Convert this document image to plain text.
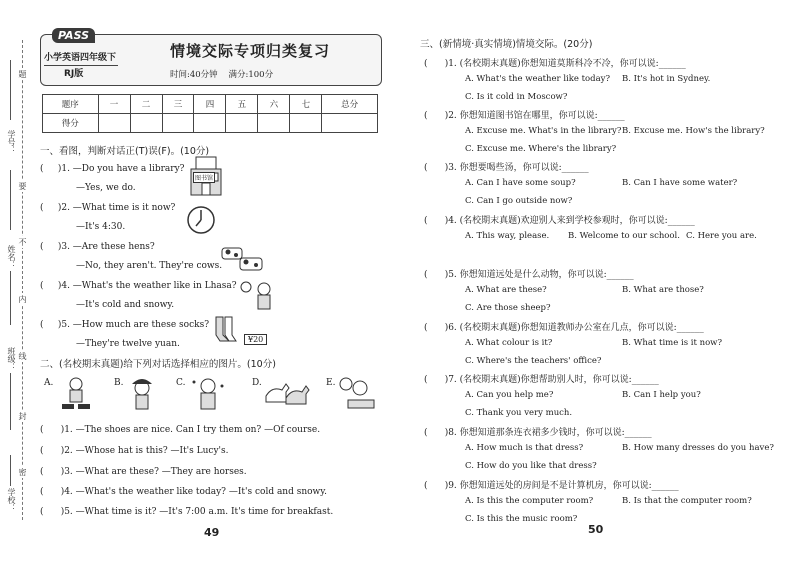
学号：
题
要
不
内
线
封
密
姓名：
班级：
学校：
PASS
小学英语四年级下
RJ版
情境交际专项归类复习
时间:40分钟 满分:100分
题序	一	二	三	四	五	六	七	总分
得分								
一、看图，判断对话正(T)误(F)。(10分)
(     )1. —Do you have a library?
—Yes, we do.
(     )2. —What time is it now?
—It's 4:30.
(     )3. —Are these hens?
—No, they aren't. They're cows.
(     )4. —What's the weather like in Lhasa?
—It's cold and snowy.
(     )5. —How much are these socks?
—They're twelve yuan.
图书馆
¥20
二、(名校期末真题)给下列对话选择相应的图片。(10分)
A.	B.	C.	D.	E.
(      )1. —The shoes are nice. Can I try them on? —Of course.
(      )2. —Whose hat is this? —It's Lucy's.
(      )3. —What are these? —They are horses.
(      )4. —What's the weather like today? —It's cold and snowy.
(      )5. —What time is it? —It's 7:00 a.m. It's time for breakfast.
49
三、(新情境·真实情境)情境交际。(20分)
(      )1. (名校期末真题)你想知道莫斯科冷不冷，你可以说:______
A. What's the weather like today? B. It's hot in Sydney.
C. Is it cold in Moscow?
(      )2. 你想知道图书馆在哪里，你可以说:______
A. Excuse me. What's in the library? B. Excuse me. How's the library?
C. Excuse me. Where's the library?
(      )3. 你想要喝些汤，你可以说:______
A. Can I have some soup?	B. Can I have some water?
C. Can I go outside now?
(      )4. (名校期末真题)欢迎别人来到学校参观时，你可以说:______
A. This way, please. B. Welcome to our school. C. Here you are.
(      )5. 你想知道远处是什么动物，你可以说:______
A. What are these?	B. What are those?
C. Are those sheep?
(      )6. (名校期末真题)你想知道教师办公室在几点，你可以说:______
A. What colour is it?	B. What time is it now?
C. Where's the teachers' office?
(      )7. (名校期末真题)你想帮助别人时，你可以说:______
A. Can you help me?	B. Can I help you?
C. Thank you very much.
(      )8. 你想知道那条连衣裙多少钱时，你可以说:______
A. How much is that dress?	B. How many dresses do you have?
C. How do you like that dress?
(      )9. 你想知道远处的房间是不是计算机房，你可以说:______
A. Is this the computer room?	B. Is that the computer room?
C. Is this the music room?
50
